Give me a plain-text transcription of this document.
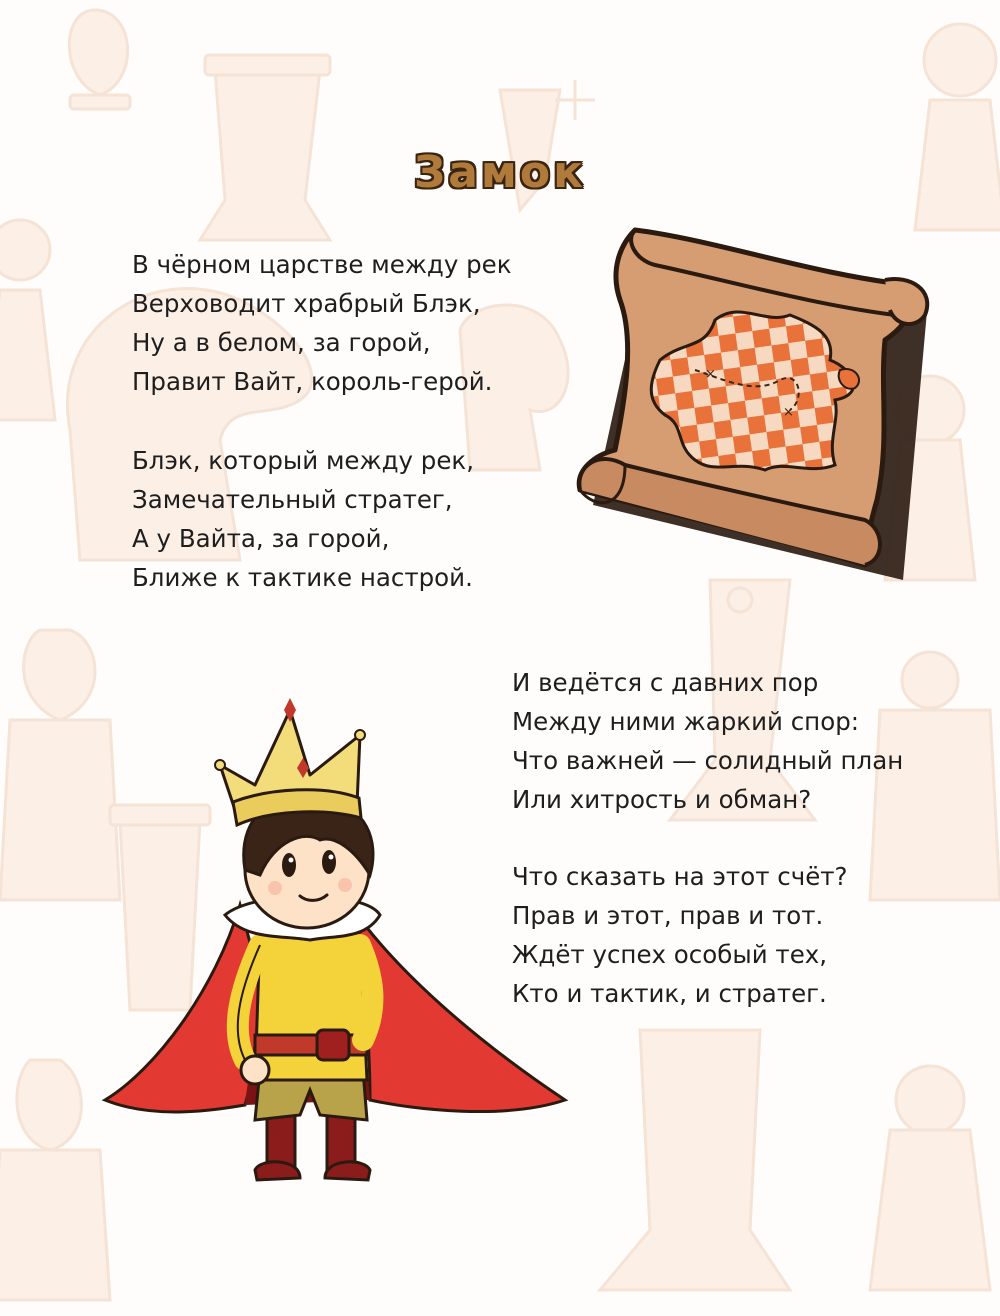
Замок
×
×
В чёрном царстве между рек
Верховодит храбрый Блэк,
Ну а в белом, за горой,
Правит Вайт, король-герой.
Блэк, который между рек,
Замечательный стратег,
А у Вайта, за горой,
Ближе к тактике настрой.
И ведётся с давних пор
Между ними жаркий спор:
Что важней — солидный план
Или хитрость и обман?
Что сказать на этот счёт?
Прав и этот, прав и тот.
Ждёт успех особый тех,
Кто и тактик, и стратег.
